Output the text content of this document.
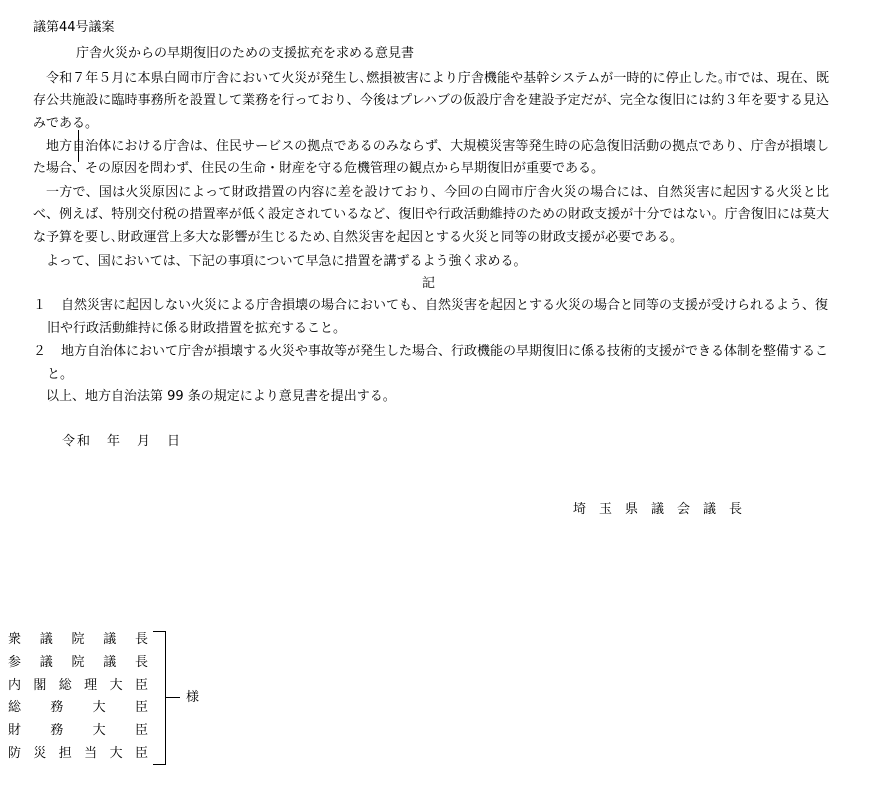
議第44号議案
庁舎火災からの早期復旧のための支援拡充を求める意見書

令和７年５月に本県白岡市庁舎において火災が発生し､燃損被害により庁舎機能や基幹システムが一時的に停止した｡市では、現在、既存公共施設に臨時事務所を設置して業務を行っており、今後はプレハブの仮設庁舎を建設予定だが、完全な復旧には約３年を要する見込みである。

地方自治体における庁舎は、住民サービスの拠点であるのみならず、大規模災害等発生時の応急復旧活動の拠点であり、庁舎が損壊した場合、その原因を問わず、住民の生命・財産を守る危機管理の観点から早期復旧が重要である。

一方で、国は火災原因によって財政措置の内容に差を設けており、今回の白岡市庁舎火災の場合には、自然災害に起因する火災と比べ、例えば、特別交付税の措置率が低く設定されているなど、復旧や行政活動維持のための財政支援が十分ではない。庁舎復旧には莫大な予算を要し､財政運営上多大な影響が生じるため､自然災害を起因とする火災と同等の財政支援が必要である。

よって、国においては、下記の事項について早急に措置を講ずるよう強く求める。

記
１	自然災害に起因しない火災による庁舎損壊の場合においても、自然災害を起因とする火災の場合と同等の支援が受けられるよう、復旧や行政活動維持に係る財政措置を拡充すること。
２	地方自治体において庁舎が損壊する火災や事故等が発生した場合、行政機能の早期復旧に係る技術的支援ができる体制を整備すること。
以上、地方自治法第 99 条の規定により意見書を提出する。
令和　年　月　日
埼　玉　県　議　会　議　長
衆 議 院 議 長
参 議 院 議 長
内 閣 総 理 大 臣
総 務 大 臣
財 務 大 臣
防 災 担 当 大 臣
様
